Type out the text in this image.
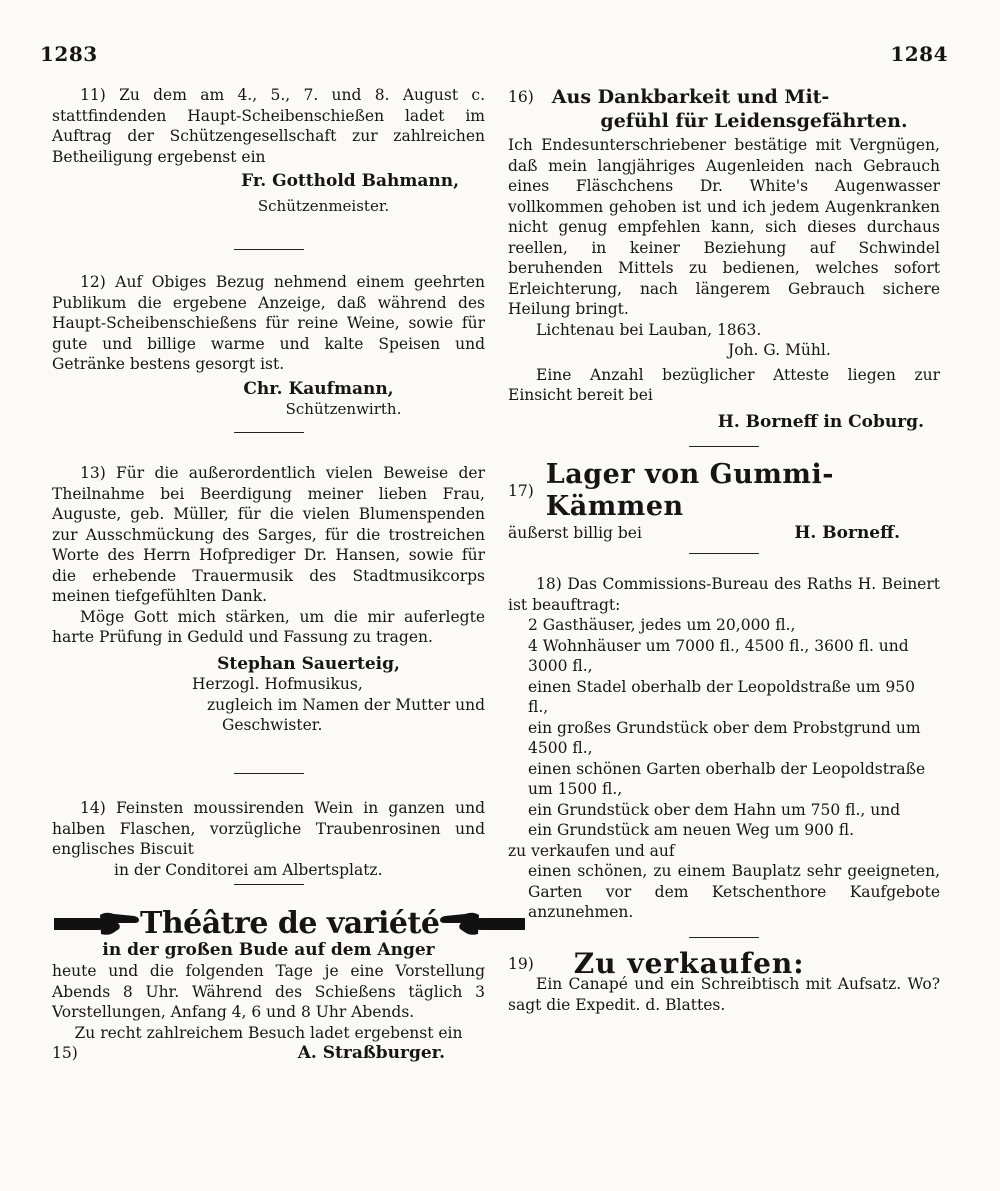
1283	1284

11) Zu dem am 4., 5., 7. und 8. August c. stattfindenden Haupt-Scheibenschießen ladet im Auftrag der Schützengesellschaft zur zahlreichen Betheiligung ergebenst ein

Fr. Gotthold Bahmann,
Schützenmeister.

12) Auf Obiges Bezug nehmend einem geehrten Publikum die ergebene Anzeige, daß während des Haupt-Scheibenschießens für reine Weine, sowie für gute und billige warme und kalte Speisen und Getränke bestens gesorgt ist.

Chr. Kaufmann,
Schützenwirth.

13) Für die außerordentlich vielen Beweise der Theilnahme bei Beerdigung meiner lieben Frau, Auguste, geb. Müller, für die vielen Blumenspenden zur Ausschmückung des Sarges, für die trostreichen Worte des Herrn Hofprediger Dr. Hansen, sowie für die erhebende Trauermusik des Stadtmusikcorps meinen tiefgefühlten Dank.

Möge Gott mich stärken, um die mir auferlegte harte Prüfung in Geduld und Fassung zu tragen.

Stephan Sauerteig,
Herzogl. Hofmusikus,
zugleich im Namen der Mutter und
Geschwister.

14) Feinsten moussirenden Wein in ganzen und halben Flaschen, vorzügliche Traubenrosinen und englisches Biscuit

in der Conditorei am Albertsplatz.
Théâtre de variété
in der großen Bude auf dem Anger

heute und die folgenden Tage je eine Vorstellung Abends 8 Uhr. Während des Schießens täglich 3 Vorstellungen, Anfang 4, 6 und 8 Uhr Abends.

Zu recht zahlreichem Besuch ladet ergebenst ein
15)	A. Straßburger.
16) Aus Dankbarkeit und Mit-
gefühl für Leidensgefährten.

Ich Endesunterschriebener bestätige mit Vergnügen, daß mein langjähriges Augenleiden nach Gebrauch eines Fläschchens Dr. White's Augenwasser vollkommen gehoben ist und ich jedem Augenkranken nicht genug empfehlen kann, sich dieses durchaus reellen, in keiner Beziehung auf Schwindel beruhenden Mittels zu bedienen, welches sofort Erleichterung, nach längerem Gebrauch sichere Heilung bringt.

Lichtenau bei Lauban, 1863.
Joh. G. Mühl.

Eine Anzahl bezüglicher Atteste liegen zur Einsicht bereit bei

H. Borneff in Coburg.
17)
Lager von Gummi-Kämmen
äußerst billig bei	H. Borneff.

18) Das Commissions-Bureau des Raths H. Beinert ist beauftragt:

2 Gasthäuser, jedes um 20,000 fl.,
4 Wohnhäuser um 7000 fl., 4500 fl., 3600 fl. und 3000 fl.,
einen Stadel oberhalb der Leopoldstraße um 950 fl.,
ein großes Grundstück ober dem Probstgrund um 4500 fl.,
einen schönen Garten oberhalb der Leopoldstraße um 1500 fl.,
ein Grundstück ober dem Hahn um 750 fl., und
ein Grundstück am neuen Weg um 900 fl.
zu verkaufen und auf

einen schönen, zu einem Bauplatz sehr geeigneten, Garten vor dem Ketschenthore Kaufgebote anzunehmen.

19) Zu verkaufen:

Ein Canapé und ein Schreibtisch mit Aufsatz. Wo? sagt die Expedit. d. Blattes.
